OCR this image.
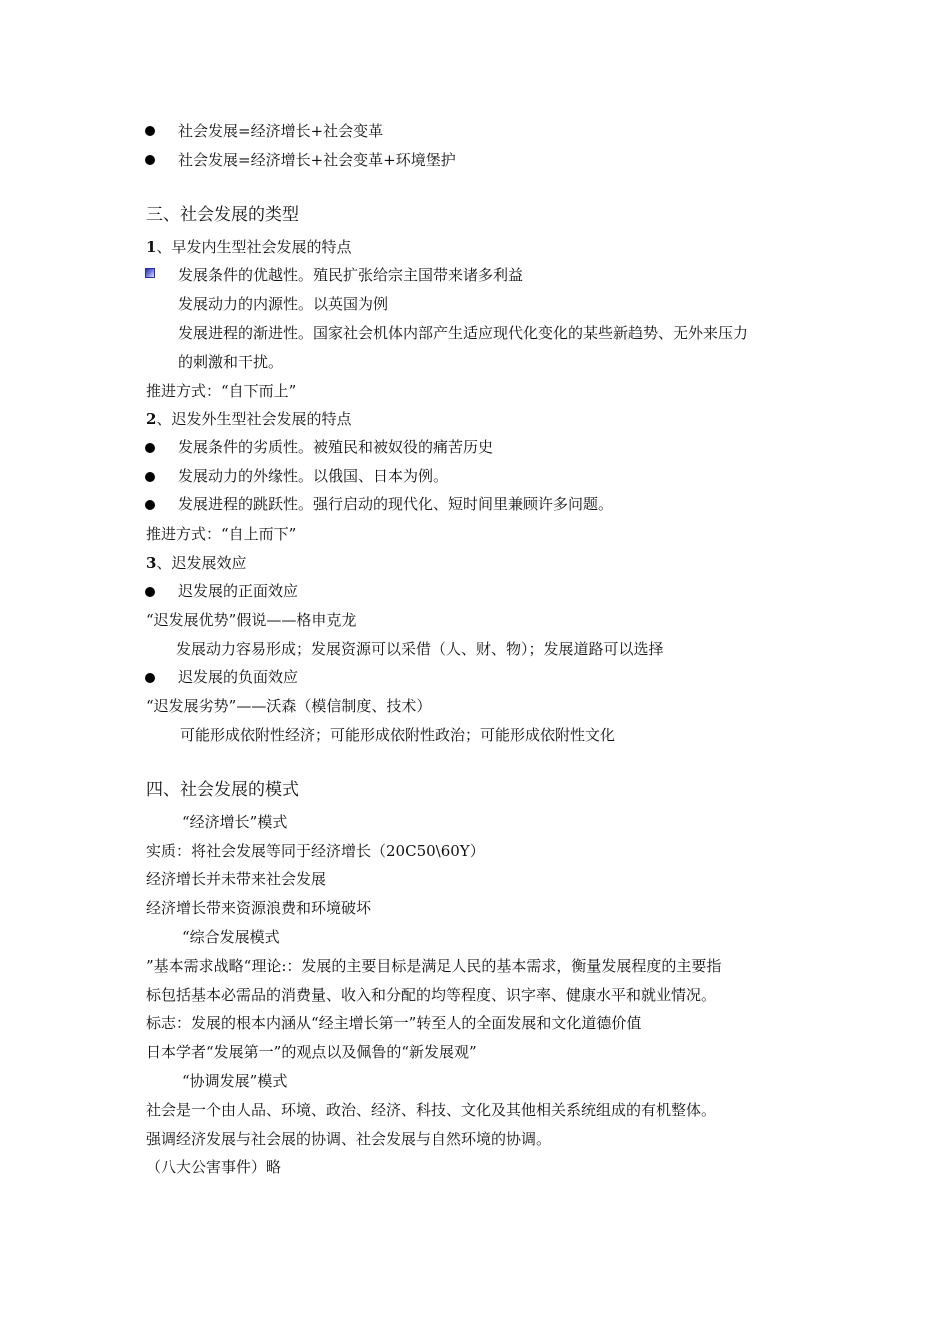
社会发展=经济增长+社会变革
社会发展=经济增长+社会变革+环境堡护
三、社会发展的类型
1、早发内生型社会发展的特点
发展条件的优越性。殖民扩张给宗主国带来诸多利益
发展动力的内源性。以英国为例
发展进程的渐进性。国家社会机体内部产生适应现代化变化的某些新趋势、无外来压力
的刺激和干扰。
推进方式：“自下而上”
2、迟发外生型社会发展的特点
发展条件的劣质性。被殖民和被奴役的痛苦历史
发展动力的外缘性。以俄国、日本为例。
发展进程的跳跃性。强行启动的现代化、短时间里兼顾许多问题。
推进方式：“自上而下”
3、迟发展效应
迟发展的正面效应
“迟发展优势”假说——格申克龙
发展动力容易形成；发展资源可以采借（人、财、物）；发展道路可以选择
迟发展的负面效应
“迟发展劣势”——沃森（模信制度、技术）
可能形成依附性经济；可能形成依附性政治；可能形成依附性文化
四、社会发展的模式
“经济增长”模式
实质：将社会发展等同于经济增长（20C50\60Y）
经济增长并未带来社会发展
经济增长带来资源浪费和环境破坏
“综合发展模式
”基本需求战略“理论:：发展的主要目标是满足人民的基本需求，衡量发展程度的主要指
标包括基本必需品的消费量、收入和分配的均等程度、识字率、健康水平和就业情况。
标志：发展的根本内涵从“经主增长第一”转至人的全面发展和文化道德价值
日本学者“发展第一”的观点以及佩鲁的“新发展观”
“协调发展”模式
社会是一个由人品、环境、政治、经济、科技、文化及其他相关系统组成的有机整体。
强调经济发展与社会展的协调、社会发展与自然环境的协调。
（八大公害事件）略
